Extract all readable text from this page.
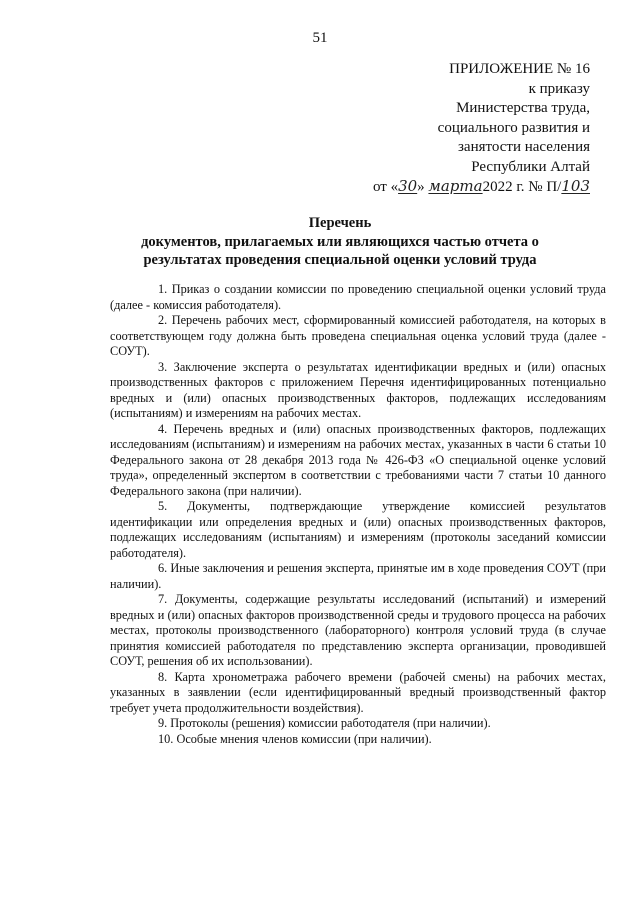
51
ПРИЛОЖЕНИЕ № 16
к приказу
Министерства труда,
социального развития и
занятости населения
Республики Алтай
от «30» марта2022 г. № П/103
Перечень
документов, прилагаемых или являющихся частью отчета о
результатах проведения специальной оценки условий труда

1. Приказ о создании комиссии по проведению специальной оценки условий труда (далее - комиссия работодателя).

2. Перечень рабочих мест, сформированный комиссией работодателя, на которых в соответствующем году должна быть проведена специальная оценка условий труда (далее - СОУТ).

3. Заключение эксперта о результатах идентификации вредных и (или) опасных производственных факторов с приложением Перечня идентифицированных потенциально вредных и (или) опасных производственных факторов, подлежащих исследованиям (испытаниям) и измерениям на рабочих местах.

4. Перечень вредных и (или) опасных производственных факторов, подлежащих исследованиям (испытаниям) и измерениям на рабочих местах, указанных в части 6 статьи 10 Федерального закона от 28 декабря 2013 года № 426-ФЗ «О специальной оценке условий труда», определенный экспертом в соответствии с требованиями части 7 статьи 10 данного Федерального закона (при наличии).

5. Документы, подтверждающие утверждение комиссией результатов идентификации или определения вредных и (или) опасных производственных факторов, подлежащих исследованиям (испытаниям) и измерениям (протоколы заседаний комиссии работодателя).

6. Иные заключения и решения эксперта, принятые им в ходе проведения СОУТ (при наличии).

7. Документы, содержащие результаты исследований (испытаний) и измерений вредных и (или) опасных факторов производственной среды и трудового процесса на рабочих местах, протоколы производственного (лабораторного) контроля условий труда (в случае принятия комиссией работодателя по представлению эксперта организации, проводившей СОУТ, решения об их использовании).

8. Карта хронометража рабочего времени (рабочей смены) на рабочих местах, указанных в заявлении (если идентифицированный вредный производственный фактор требует учета продолжительности воздействия).

9. Протоколы (решения) комиссии работодателя (при наличии).

10. Особые мнения членов комиссии (при наличии).
